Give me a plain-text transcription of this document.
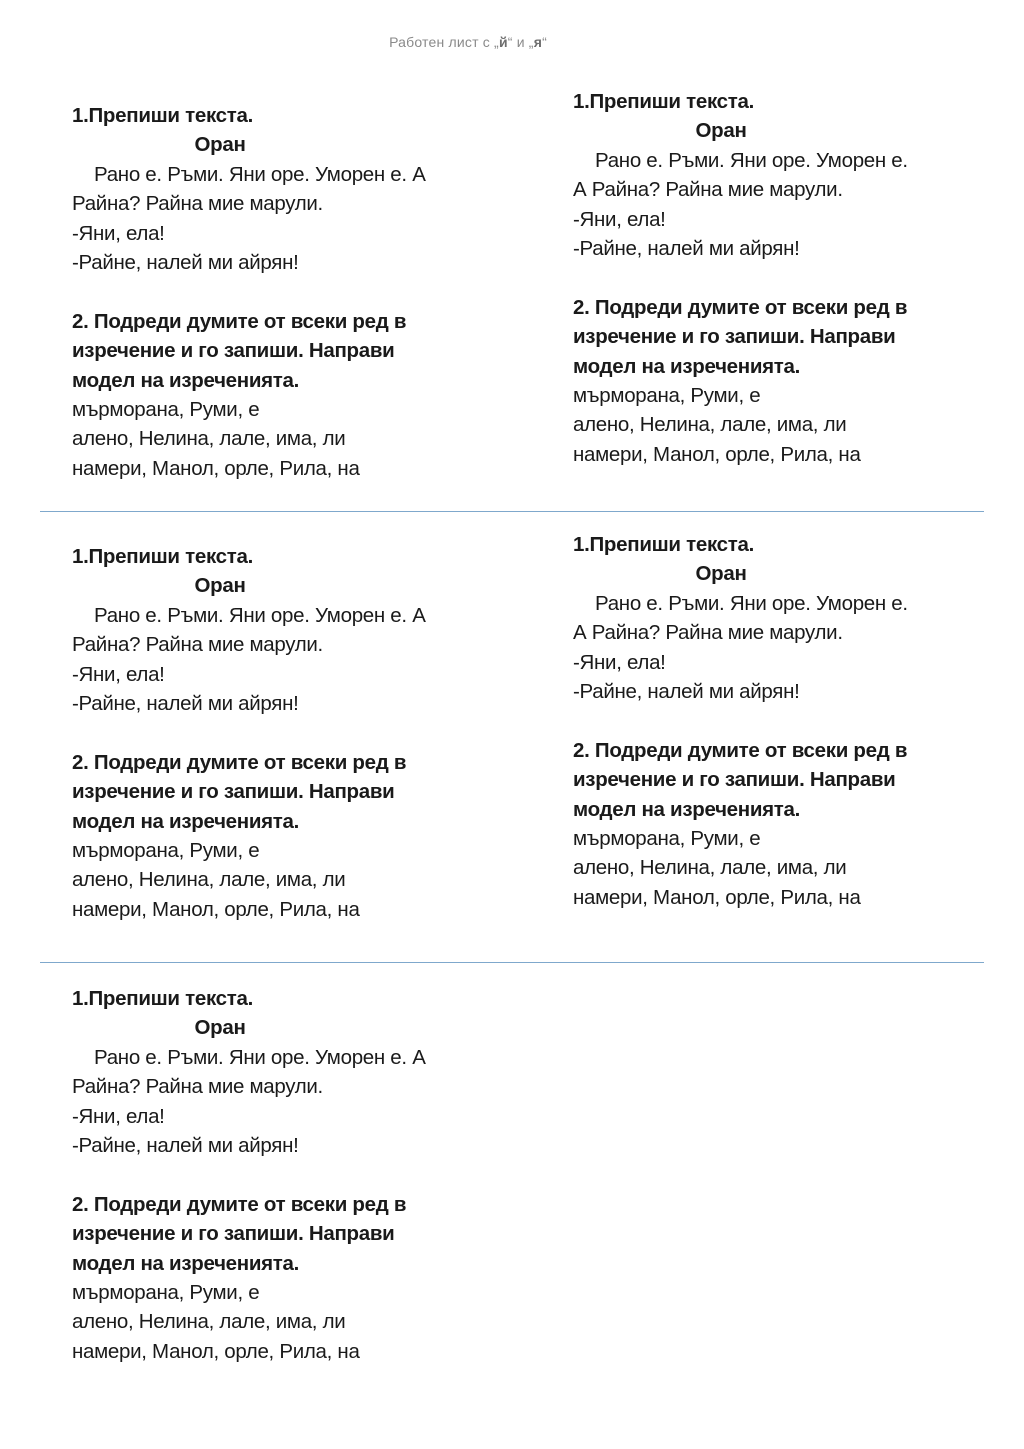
Работен лист с „й“ и „я“

1.Препиши текста.

Оран

Рано е. Ръми. Яни оре. Уморен е. А

Райна? Райна мие марули.

-Яни, ела!

-Райне, налей ми айрян!

2. Подреди думите от всеки ред в

изречение и го запиши. Направи

модел на изреченията.

мърморана, Руми, е

алено, Нелина, лале, има, ли

намери, Манол, орле, Рила, на

1.Препиши текста.

Оран

Рано е. Ръми. Яни оре. Уморен е.

А Райна? Райна мие марули.

-Яни, ела!

-Райне, налей ми айрян!

2. Подреди думите от всеки ред в

изречение и го запиши. Направи

модел на изреченията.

мърморана, Руми, е

алено, Нелина, лале, има, ли

намери, Манол, орле, Рила, на

1.Препиши текста.

Оран

Рано е. Ръми. Яни оре. Уморен е. А

Райна? Райна мие марули.

-Яни, ела!

-Райне, налей ми айрян!

2. Подреди думите от всеки ред в

изречение и го запиши. Направи

модел на изреченията.

мърморана, Руми, е

алено, Нелина, лале, има, ли

намери, Манол, орле, Рила, на

1.Препиши текста.

Оран

Рано е. Ръми. Яни оре. Уморен е.

А Райна? Райна мие марули.

-Яни, ела!

-Райне, налей ми айрян!

2. Подреди думите от всеки ред в

изречение и го запиши. Направи

модел на изреченията.

мърморана, Руми, е

алено, Нелина, лале, има, ли

намери, Манол, орле, Рила, на

1.Препиши текста.

Оран

Рано е. Ръми. Яни оре. Уморен е. А

Райна? Райна мие марули.

-Яни, ела!

-Райне, налей ми айрян!

2. Подреди думите от всеки ред в

изречение и го запиши. Направи

модел на изреченията.

мърморана, Руми, е

алено, Нелина, лале, има, ли

намери, Манол, орле, Рила, на
